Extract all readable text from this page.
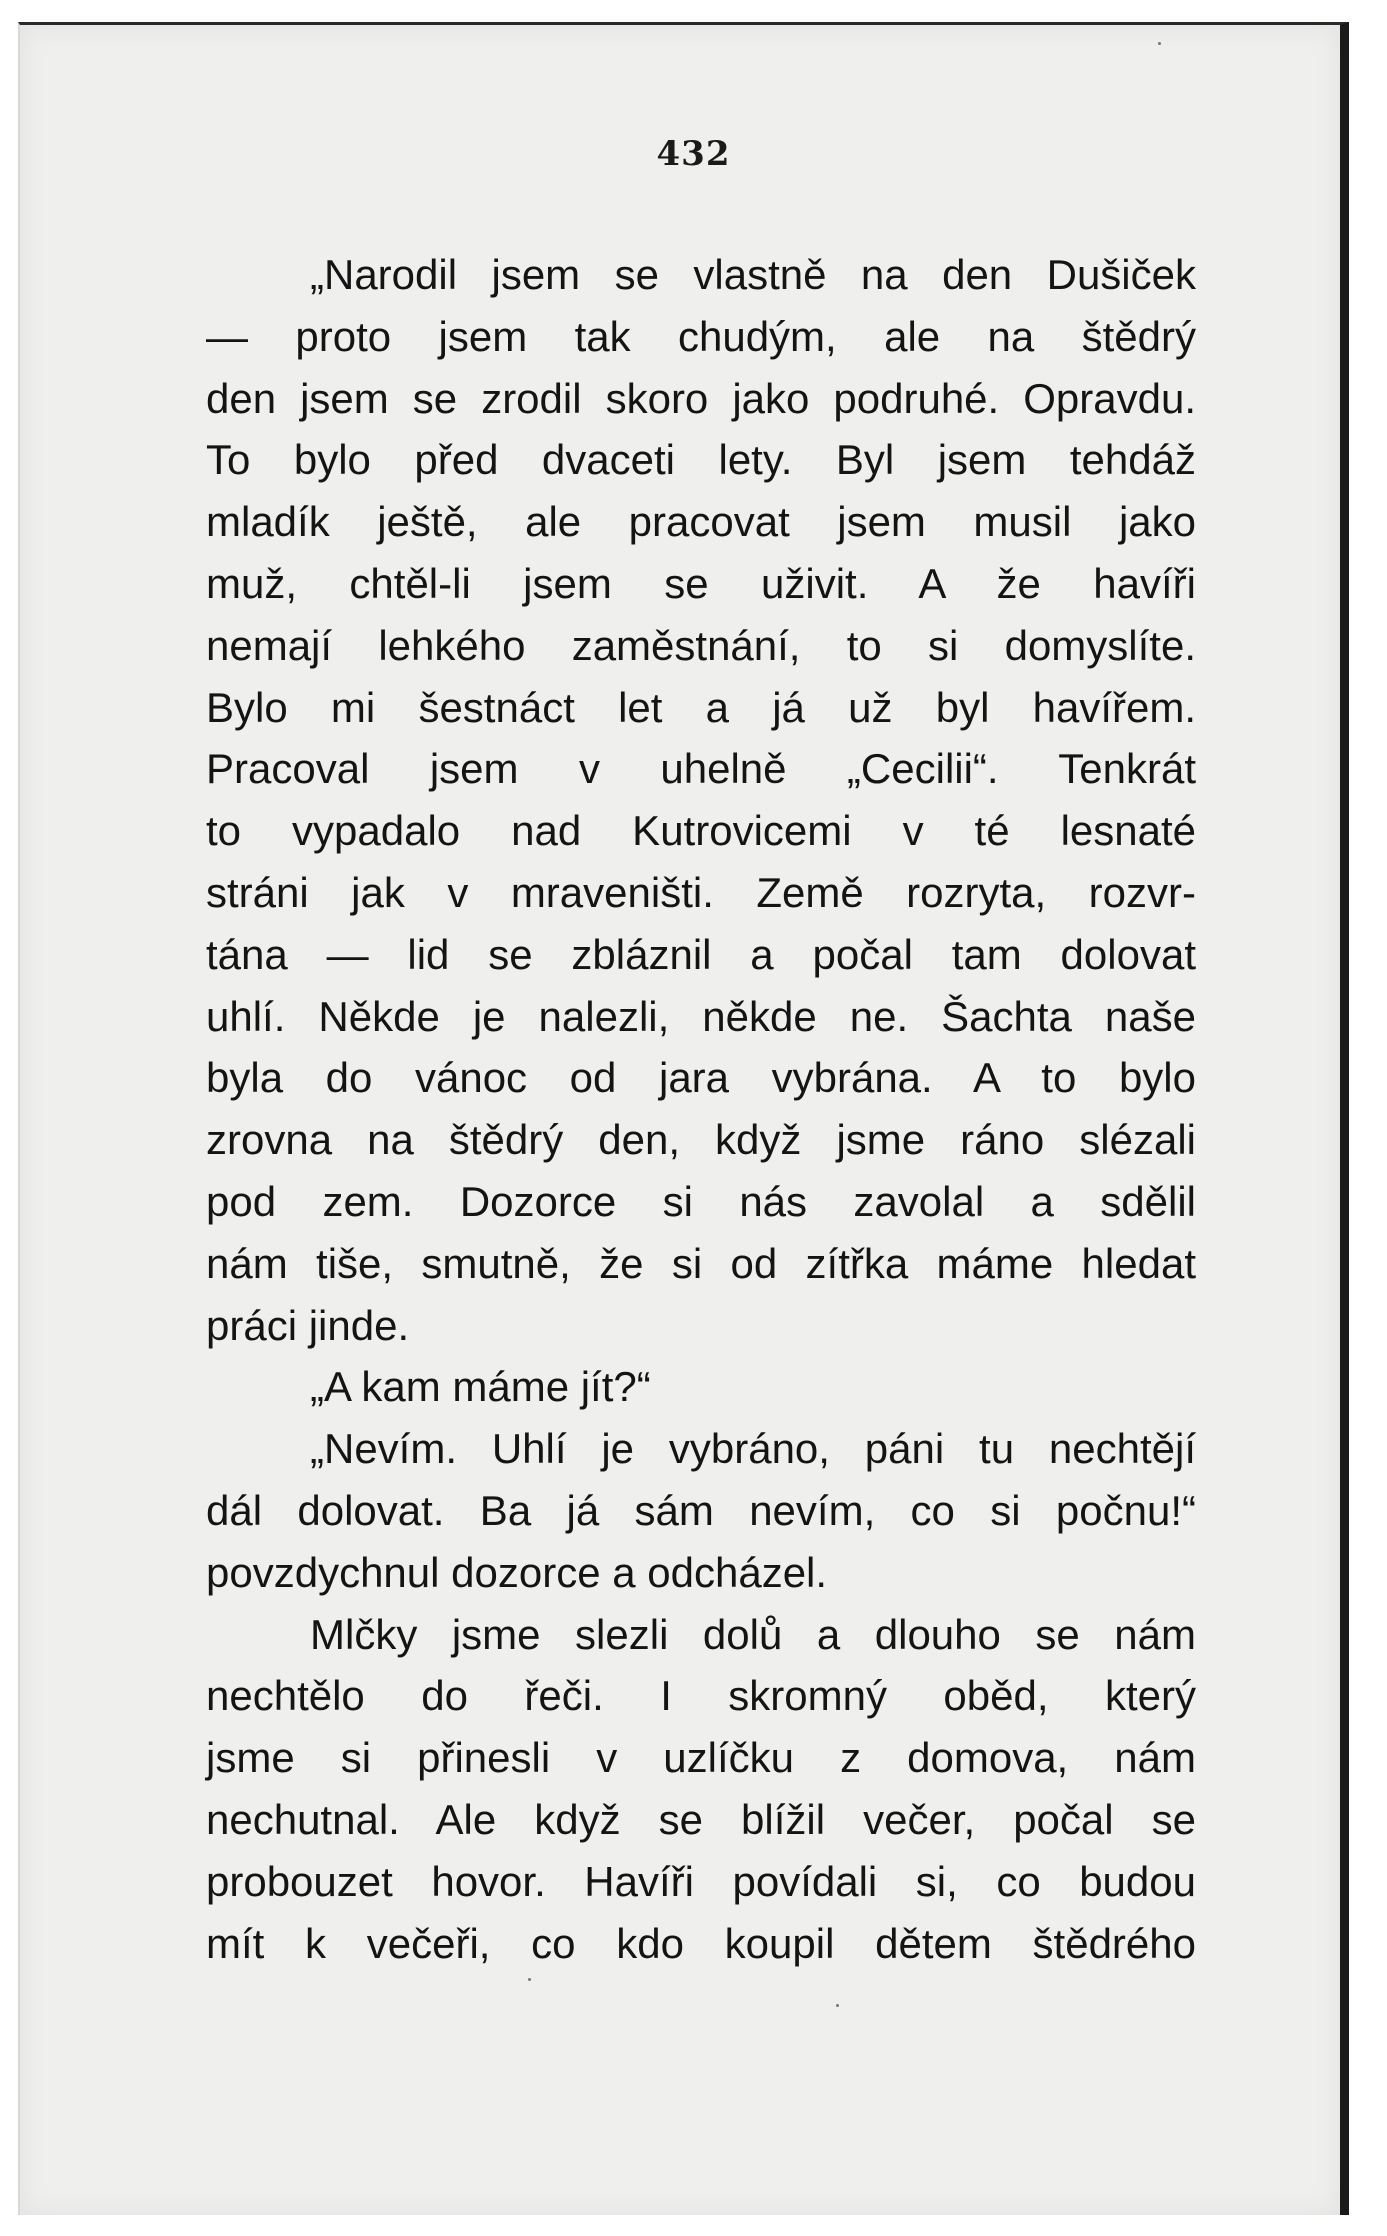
432
„Narodil jsem se vlastně na den Dušiček
— proto jsem tak chudým, ale na štědrý
den jsem se zrodil skoro jako podruhé. Opravdu.
To bylo před dvaceti lety. Byl jsem tehdáž
mladík ještě, ale pracovat jsem musil jako
muž, chtěl-li jsem se uživit. A že havíři
nemají lehkého zaměstnání, to si domyslíte.
Bylo mi šestnáct let a já už byl havířem.
Pracoval jsem v uhelně „Cecilii“. Tenkrát
to vypadalo nad Kutrovicemi v té lesnaté
stráni jak v mraveništi. Země rozryta, rozvr-
tána — lid se zbláznil a počal tam dolovat
uhlí. Někde je nalezli, někde ne. Šachta naše
byla do vánoc od jara vybrána. A to bylo
zrovna na štědrý den, když jsme ráno slézali
pod zem. Dozorce si nás zavolal a sdělil
nám tiše, smutně, že si od zítřka máme hledat
práci jinde.
„A kam máme jít?“
„Nevím. Uhlí je vybráno, páni tu nechtějí
dál dolovat. Ba já sám nevím, co si počnu!“
povzdychnul dozorce a odcházel.
Mlčky jsme slezli dolů a dlouho se nám
nechtělo do řeči. I skromný oběd, který
jsme si přinesli v uzlíčku z domova, nám
nechutnal. Ale když se blížil večer, počal se
probouzet hovor. Havíři povídali si, co budou
mít k večeři, co kdo koupil dětem štědrého
